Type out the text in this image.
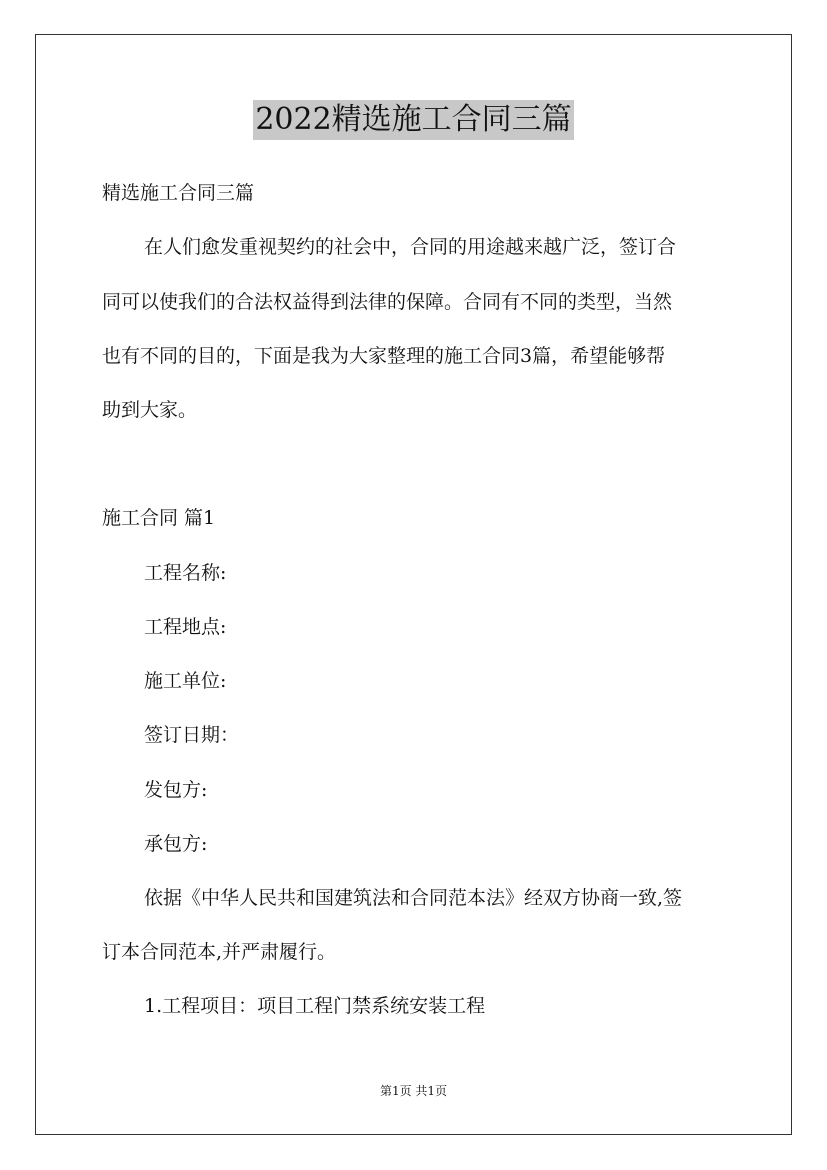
2022精选施工合同三篇
精选施工合同三篇
在人们愈发重视契约的社会中，合同的用途越来越广泛，签订合
同可以使我们的合法权益得到法律的保障。合同有不同的类型，当然
也有不同的目的，下面是我为大家整理的施工合同3篇，希望能够帮
助到大家。
施工合同 篇1
工程名称:
工程地点:
施工单位:
签订日期：
发包方:
承包方:
依据《中华人民共和国建筑法和合同范本法》经双方协商一致,签
订本合同范本,并严肃履行。
1.工程项目：项目工程门禁系统安装工程
第1页 共1页
